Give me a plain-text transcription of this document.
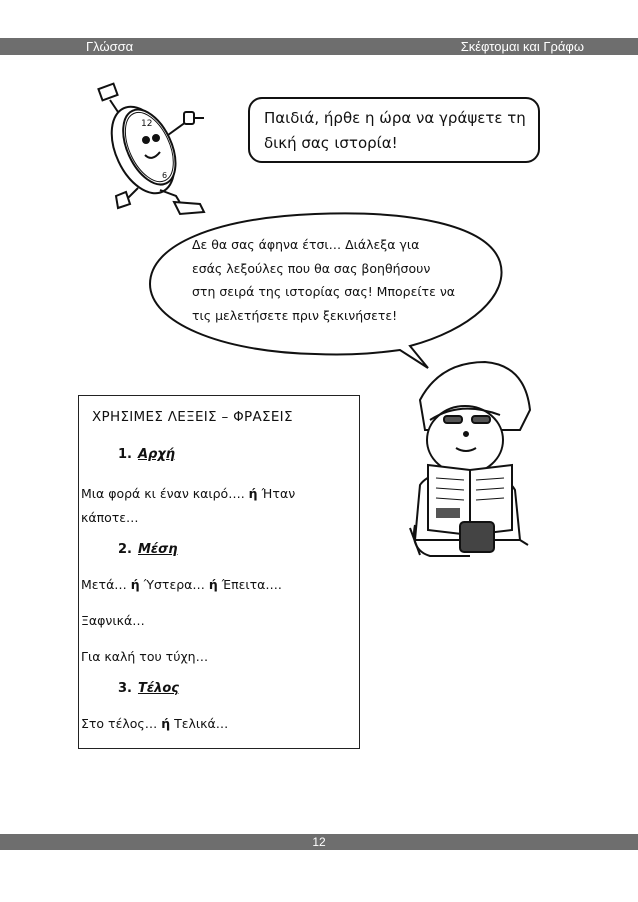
Γλώσσα	Σκέφτομαι και Γράφω
12
6
Παιδιά, ήρθε η ώρα να γράψετε τη
δική σας ιστορία!
Δε θα σας άφηνα έτσι… Διάλεξα για
εσάς λεξούλες που θα σας βοηθήσουν
στη σειρά της ιστορίας σας! Μπορείτε να
τις μελετήσετε πριν ξεκινήσετε!
ΧΡΗΣΙΜΕΣ ΛΕΞΕΙΣ – ΦΡΑΣΕΙΣ
1. Αρχή
Μια φορά κι έναν καιρό…. ή Ήταν
κάποτε…
2. Μέση
Μετά… ή Ύστερα… ή Έπειτα….
Ξαφνικά…
Για καλή του τύχη…
3. Τέλος
Στο τέλος… ή Τελικά…
12
